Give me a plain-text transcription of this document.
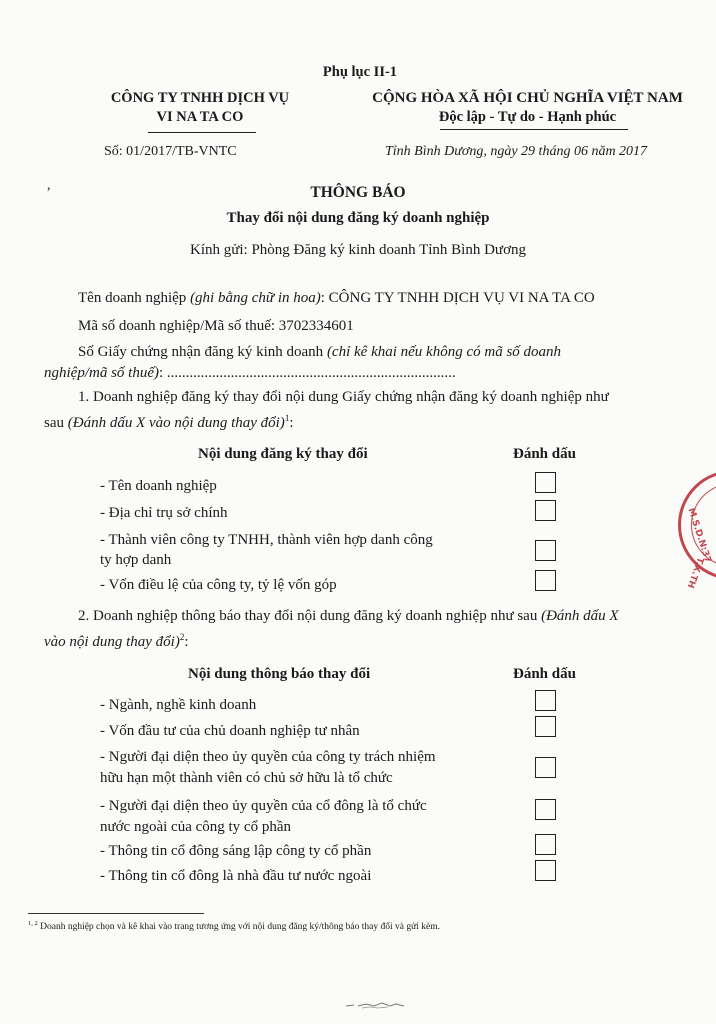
Phụ lục II-1
CÔNG TY TNHH DỊCH VỤ
VI NA TA CO
CỘNG HÒA XÃ HỘI CHỦ NGHĨA VIỆT NAM
Độc lập - Tự do - Hạnh phúc
Số: 01/2017/TB-VNTC	Tỉnh Bình Dương, ngày 29 tháng 06 năm 2017
,	THÔNG BÁO
Thay đổi nội dung đăng ký doanh nghiệp
Kính gửi: Phòng Đăng ký kinh doanh Tỉnh Bình Dương
Tên doanh nghiệp (ghi bằng chữ in hoa): CÔNG TY TNHH DỊCH VỤ VI NA TA CO
Mã số doanh nghiệp/Mã số thuế: 3702334601
Số Giấy chứng nhận đăng ký kinh doanh (chỉ kê khai nếu không có mã số doanh
nghiệp/mã số thuế): .............................................................................
1. Doanh nghiệp đăng ký thay đổi nội dung Giấy chứng nhận đăng ký doanh nghiệp như
sau (Đánh dấu X vào nội dung thay đổi)$^1$:
Nội dung đăng ký thay đổi	Đánh dấu
- Tên doanh nghiệp
- Địa chỉ trụ sở chính
- Thành viên công ty TNHH, thành viên hợp danh công
ty hợp danh
- Vốn điều lệ của công ty, tỷ lệ vốn góp
M.S.D.N:37
T.X.TH
2. Doanh nghiệp thông báo thay đổi nội dung đăng ký doanh nghiệp như sau (Đánh dấu X
vào nội dung thay đổi)$^2$:
Nội dung thông báo thay đổi	Đánh dấu
- Ngành, nghề kinh doanh
- Vốn đầu tư của chủ doanh nghiệp tư nhân
- Người đại diện theo ủy quyền của công ty trách nhiệm
hữu hạn một thành viên có chủ sở hữu là tổ chức
- Người đại diện theo ủy quyền của cổ đông là tổ chức
nước ngoài của công ty cổ phần
- Thông tin cổ đông sáng lập công ty cổ phần
- Thông tin cổ đông là nhà đầu tư nước ngoài
$^{1, 2}$ Doanh nghiệp chọn và kê khai vào trang tương ứng với nội dung đăng ký/thông báo thay đổi và gửi kèm.
